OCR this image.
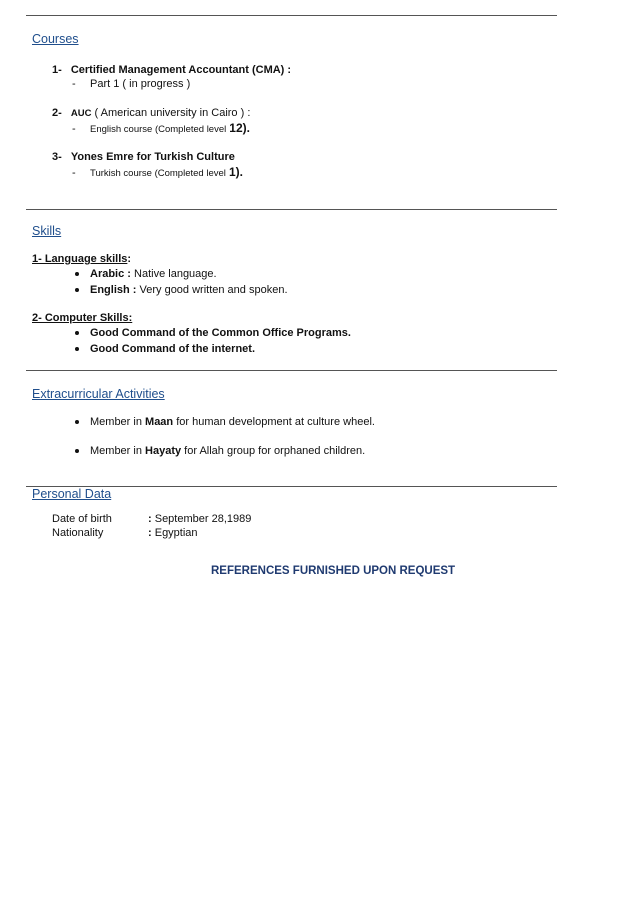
Courses
1- Certified Management Accountant (CMA) :
- Part 1 ( in progress )
2- AUC ( American university in Cairo ) :
- English course (Completed level 12).
3- Yones Emre for Turkish Culture
- Turkish course (Completed level 1).
Skills
1- Language skills:
Arabic : Native language.
English : Very good written and spoken.
2- Computer Skills:
Good Command of the Common Office Programs.
Good Command of the internet.
Extracurricular Activities
Member in Maan for human development at culture wheel.
Member in Hayaty for Allah group for orphaned children.
Personal Data
Date of birth	: September 28,1989
Nationality	: Egyptian
REFERENCES FURNISHED UPON REQUEST
